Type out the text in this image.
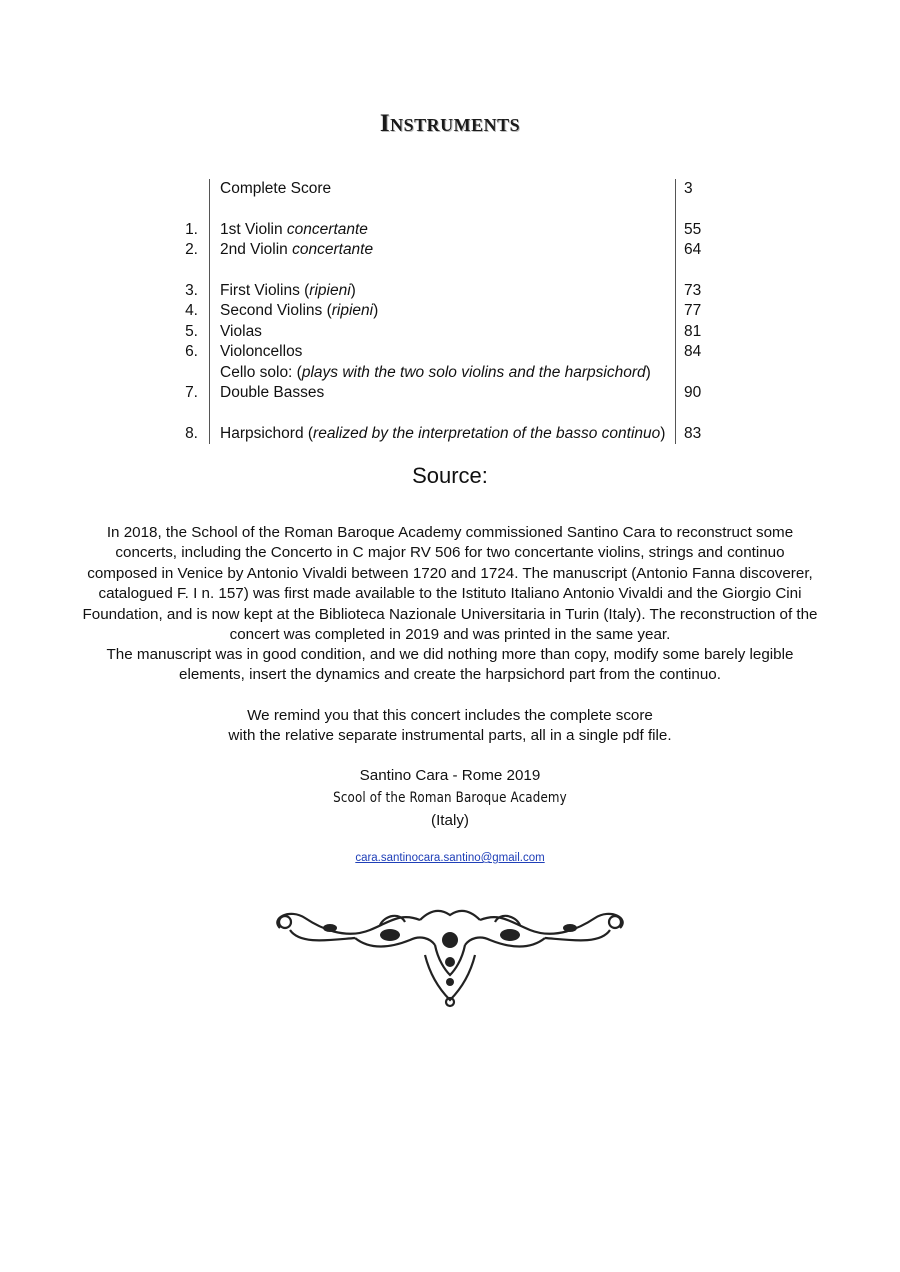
Instruments
Complete Score	3
1.	1st Violin concertante	55
2.	2nd Violin concertante	64
3.	First Violins (ripieni)	73
4.	Second Violins (ripieni)	77
5.	Violas	81
6.	Violoncellos	84
Cello solo: (plays with the two solo violins and the harpsichord)
7.	Double Basses	90
8.	Harpsichord (realized by the interpretation of the basso continuo)	83
Source:
In 2018, the School of the Roman Baroque Academy commissioned Santino Cara to reconstruct some concerts, including the Concerto in C major RV 506 for two concertante violins, strings and continuo composed in Venice by Antonio Vivaldi between 1720 and 1724. The manuscript (Antonio Fanna discoverer, catalogued F. I n. 157) was first made available to the Istituto Italiano Antonio Vivaldi and the Giorgio Cini Foundation, and is now kept at the Biblioteca Nazionale Universitaria in Turin (Italy). The reconstruction of the concert was completed in 2019 and was printed in the same year.
The manuscript was in good condition, and we did nothing more than copy, modify some barely legible elements, insert the dynamics and create the harpsichord part from the continuo.
We remind you that this concert includes the complete score
with the relative separate instrumental parts, all in a single pdf file.
Santino Cara - Rome 2019
Scool of the Roman Baroque Academy
(Italy)
cara.santinocara.santino@gmail.com
